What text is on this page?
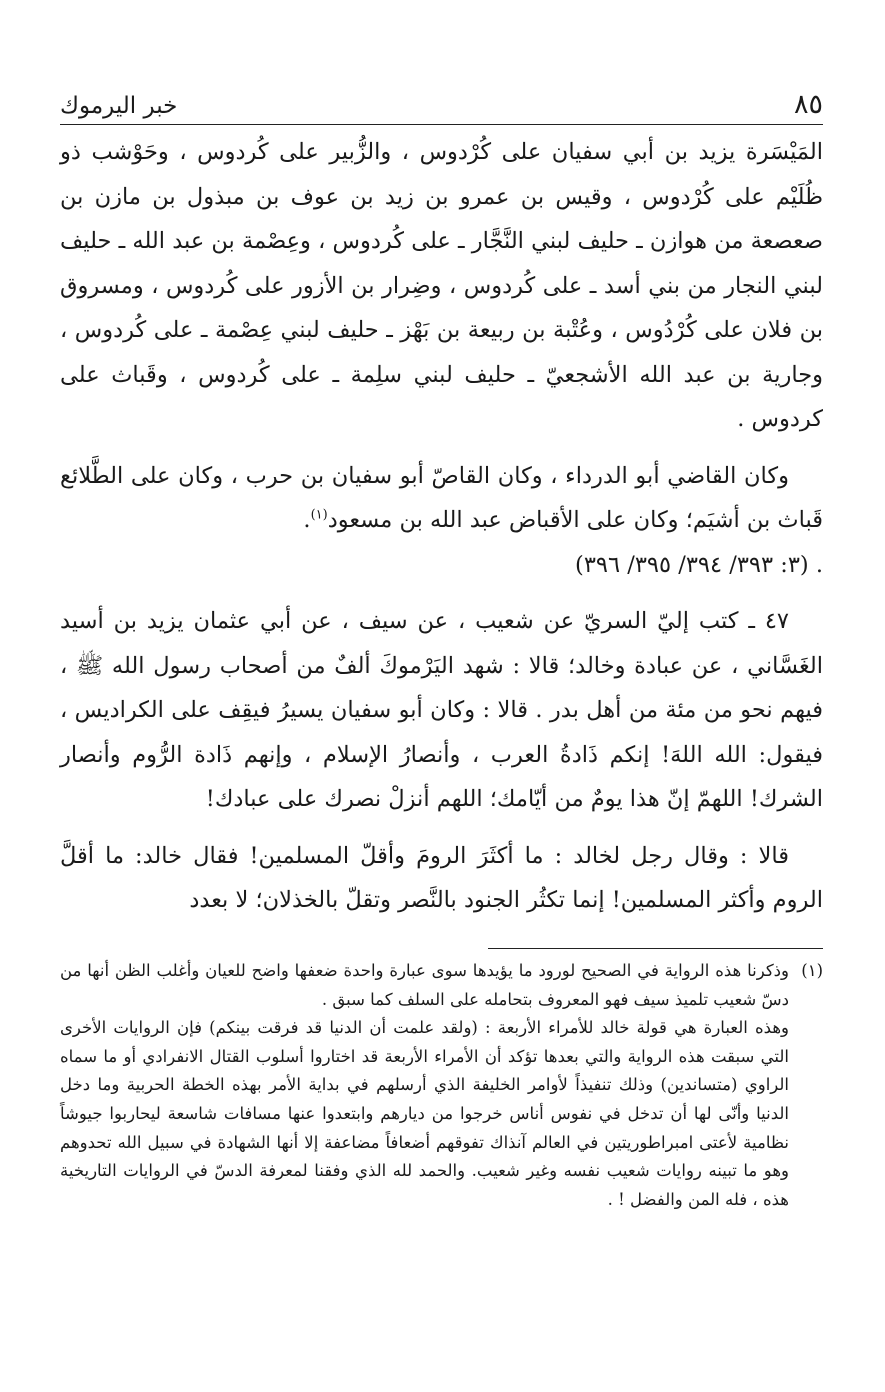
خبر اليرموك	٨٥

المَيْسَرة يزيد بن أبي سفيان على كُرْدوس ، والزُّبير على كُردوس ، وحَوْشب ذو ظُلَيْم على كُرْدوس ، وقيس بن عمرو بن زيد بن عوف بن مبذول بن مازن بن صعصعة من هوازن ـ حليف لبني النَّجَّار ـ على كُردوس ، وعِصْمة بن عبد الله ـ حليف لبني النجار من بني أسد ـ على كُردوس ، وضِرار بن الأزور على كُردوس ، ومسروق بن فلان على كُرْدُوس ، وعُتْبة بن ربيعة بن بَهْز ـ حليف لبني عِصْمة ـ على كُردوس ، وجارية بن عبد الله الأشجعيّ ـ حليف لبني سلِمة ـ على كُردوس ، وقَباث على كردوس .

وكان القاضي أبو الدرداء ، وكان القاصّ أبو سفيان بن حرب ، وكان على الطَّلائع قَباث بن أشيَم؛ وكان على الأقباض عبد الله بن مسعود$^{(١)}$.
. (٣: ٣٩٣/ ٣٩٤/ ٣٩٥/ ٣٩٦)

٤٧ ـ كتب إليّ السريّ عن شعيب ، عن سيف ، عن أبي عثمان يزيد بن أسيد الغَسَّاني ، عن عبادة وخالد؛ قالا : شهد اليَرْموكَ ألفٌ من أصحاب رسول الله ﷺ ، فيهم نحو من مئة من أهل بدر . قالا : وكان أبو سفيان يسيرُ فيقِف على الكراديس ، فيقول: الله اللهَ! إنكم ذَادةُ العرب ، وأنصارُ الإسلام ، وإنهم ذَادة الرُّوم وأنصار الشرك! اللهمّ إنّ هذا يومٌ من أيّامك؛ اللهم أنزلْ نصرك على عبادك!

قالا : وقال رجل لخالد : ما أكثَرَ الرومَ وأقلّ المسلمين! فقال خالد: ما أقلَّ الروم وأكثر المسلمين! إنما تكثُر الجنود بالنَّصر وتقلّ بالخذلان؛ لا بعدد

(١)

وذكرنا هذه الرواية في الصحيح لورود ما يؤيدها سوى عبارة واحدة ضعفها واضح للعيان وأغلب الظن أنها من دسّ شعيب تلميذ سيف فهو المعروف بتحامله على السلف كما سبق .

وهذه العبارة هي قولة خالد للأمراء الأربعة : (ولقد علمت أن الدنيا قد فرقت بينكم) فإن الروايات الأخرى التي سبقت هذه الرواية والتي بعدها تؤكد أن الأمراء الأربعة قد اختاروا أسلوب القتال الانفرادي أو ما سماه الراوي (متساندين) وذلك تنفيذاً لأوامر الخليفة الذي أرسلهم في بداية الأمر بهذه الخطة الحربية وما دخل الدنيا وأنّى لها أن تدخل في نفوس أناس خرجوا من ديارهم وابتعدوا عنها مسافات شاسعة ليحاربوا جيوشاً نظامية لأعتى امبراطوريتين في العالم آنذاك تفوقهم أضعافاً مضاعفة إلا أنها الشهادة في سبيل الله تحدوهم وهو ما تبينه روايات شعيب نفسه وغير شعيب. والحمد لله الذي وفقنا لمعرفة الدسّ في الروايات التاريخية هذه ، فله المن والفضل ! .
